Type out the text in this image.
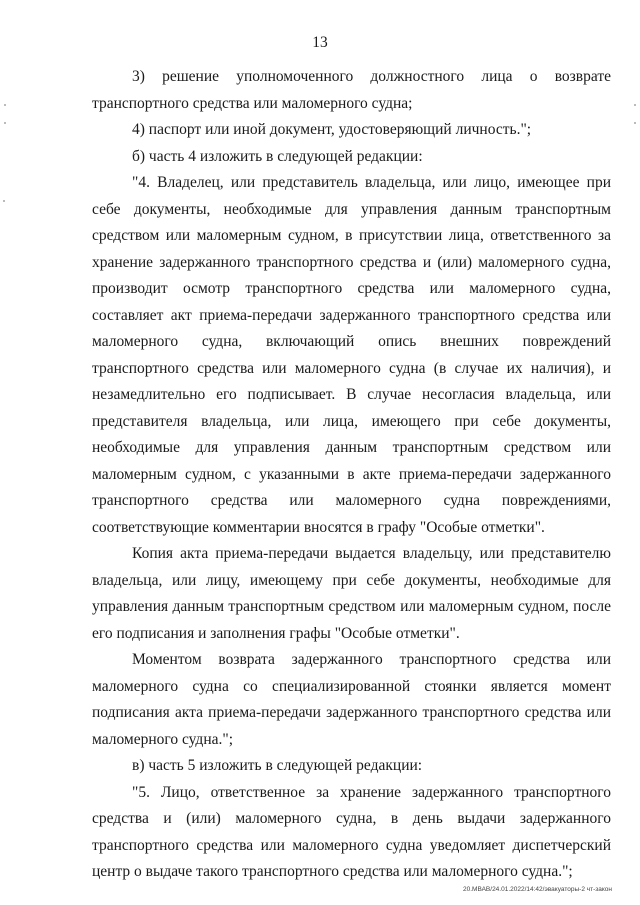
13

3) решение уполномоченного должностного лица о возврате транспортного средства или маломерного судна;

4) паспорт или иной документ, удостоверяющий личность.";

б) часть 4 изложить в следующей редакции:

"4. Владелец, или представитель владельца, или лицо, имеющее при себе документы, необходимые для управления данным транспортным средством или маломерным судном, в присутствии лица, ответственного за хранение задержанного транспортного средства и (или) маломерного судна, производит осмотр транспортного средства или маломерного судна, составляет акт приема-передачи задержанного транспортного средства или маломерного судна, включающий опись внешних повреждений транспортного средства или маломерного судна (в случае их наличия), и незамедлительно его подписывает. В случае несогласия владельца, или представителя владельца, или лица, имеющего при себе документы, необходимые для управления данным транспортным средством или маломерным судном, с указанными в акте приема-передачи задержанного транспортного средства или маломерного судна повреждениями, соответствующие комментарии вносятся в графу "Особые отметки".

Копия акта приема-передачи выдается владельцу, или представителю владельца, или лицу, имеющему при себе документы, необходимые для управления данным транспортным средством или маломерным судном, после его подписания и заполнения графы "Особые отметки".

Моментом возврата задержанного транспортного средства или маломерного судна со специализированной стоянки является момент подписания акта приема-передачи задержанного транспортного средства или маломерного судна.";

в) часть 5 изложить в следующей редакции:

"5. Лицо, ответственное за хранение задержанного транспортного средства и (или) маломерного судна, в день выдачи задержанного транспортного средства или маломерного судна уведомляет диспетчерский центр о выдаче такого транспортного средства или маломерного судна.";

20.МВАВ/24.01.2022/14:42/эвакуаторы-2 чт-закон
